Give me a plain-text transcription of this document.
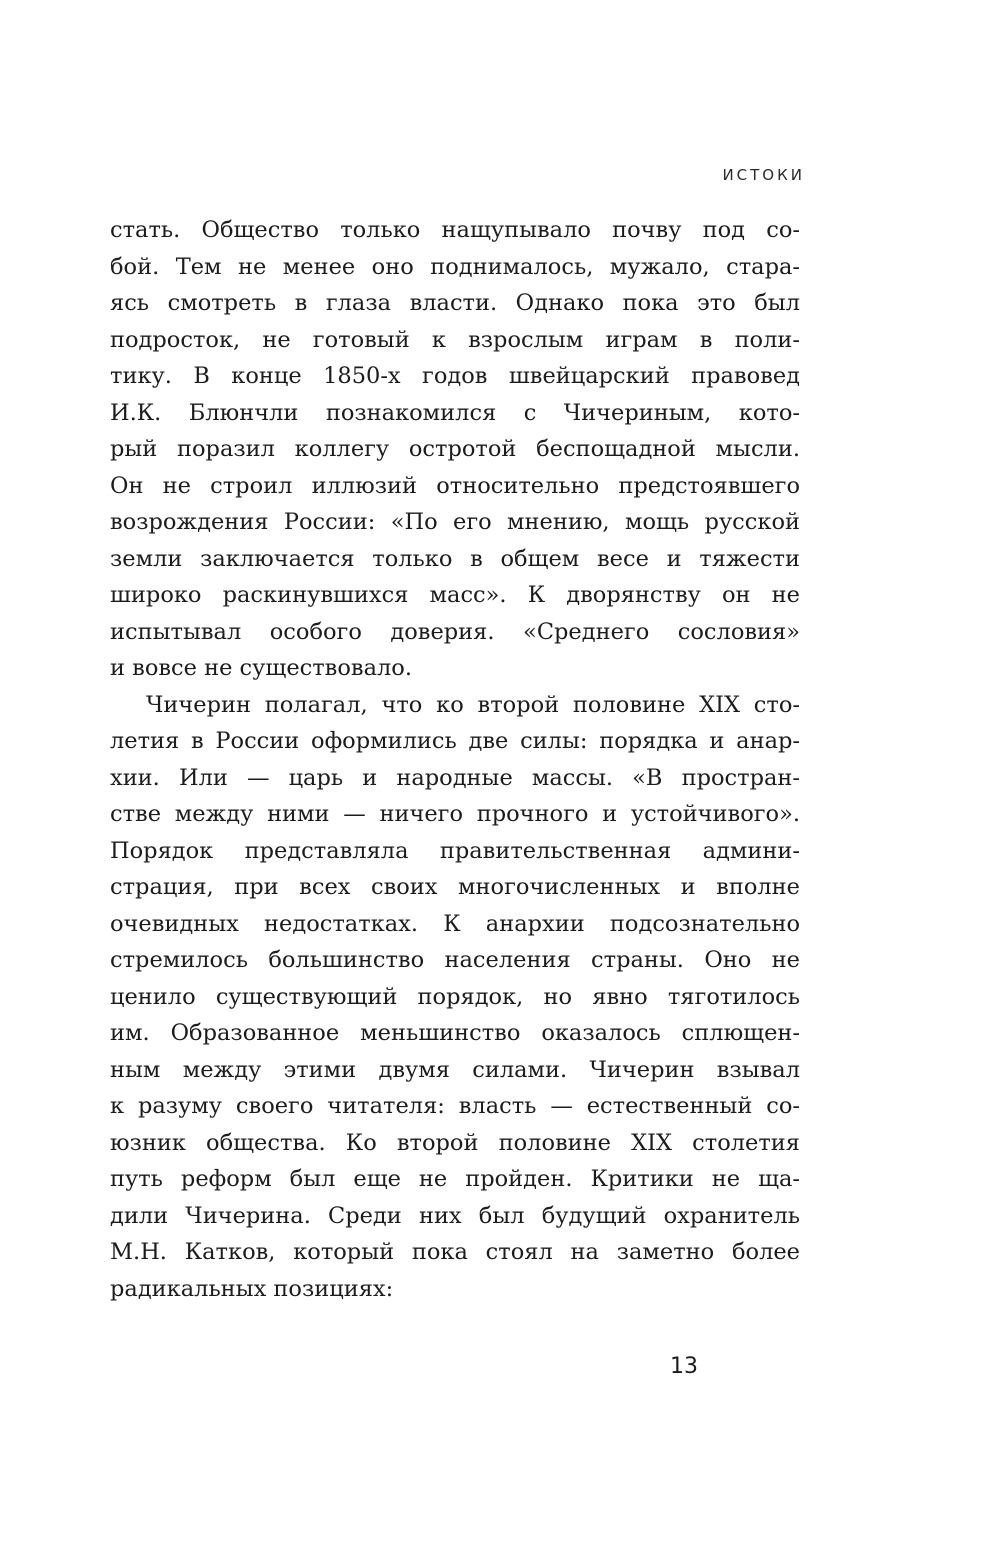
ИСТОКИ
стать. Общество только нащупывало почву под со-
бой. Тем не менее оно поднималось, мужало, стара-
ясь смотреть в глаза власти. Однако пока это был
подросток, не готовый к взрослым играм в поли-
тику. В конце 1850-х годов швейцарский правовед
И.К. Блюнчли познакомился с Чичериным, кото-
рый поразил коллегу остротой беспощадной мысли.
Он не строил иллюзий относительно предстоявшего
возрождения России: «По его мнению, мощь русской
земли заключается только в общем весе и тяжести
широко раскинувшихся масс». К дворянству он не
испытывал особого доверия. «Среднего сословия»
и вовсе не существовало.
Чичерин полагал, что ко второй половине XIX сто-
летия в России оформились две силы: порядка и анар-
хии. Или — царь и народные массы. «В простран-
стве между ними — ничего прочного и устойчивого».
Порядок представляла правительственная админи-
страция, при всех своих многочисленных и вполне
очевидных недостатках. К анархии подсознательно
стремилось большинство населения страны. Оно не
ценило существующий порядок, но явно тяготилось
им. Образованное меньшинство оказалось сплющен-
ным между этими двумя силами. Чичерин взывал
к разуму своего читателя: власть — естественный со-
юзник общества. Ко второй половине XIX столетия
путь реформ был еще не пройден. Критики не ща-
дили Чичерина. Среди них был будущий охранитель
М.Н. Катков, который пока стоял на заметно более
радикальных позициях:
13
